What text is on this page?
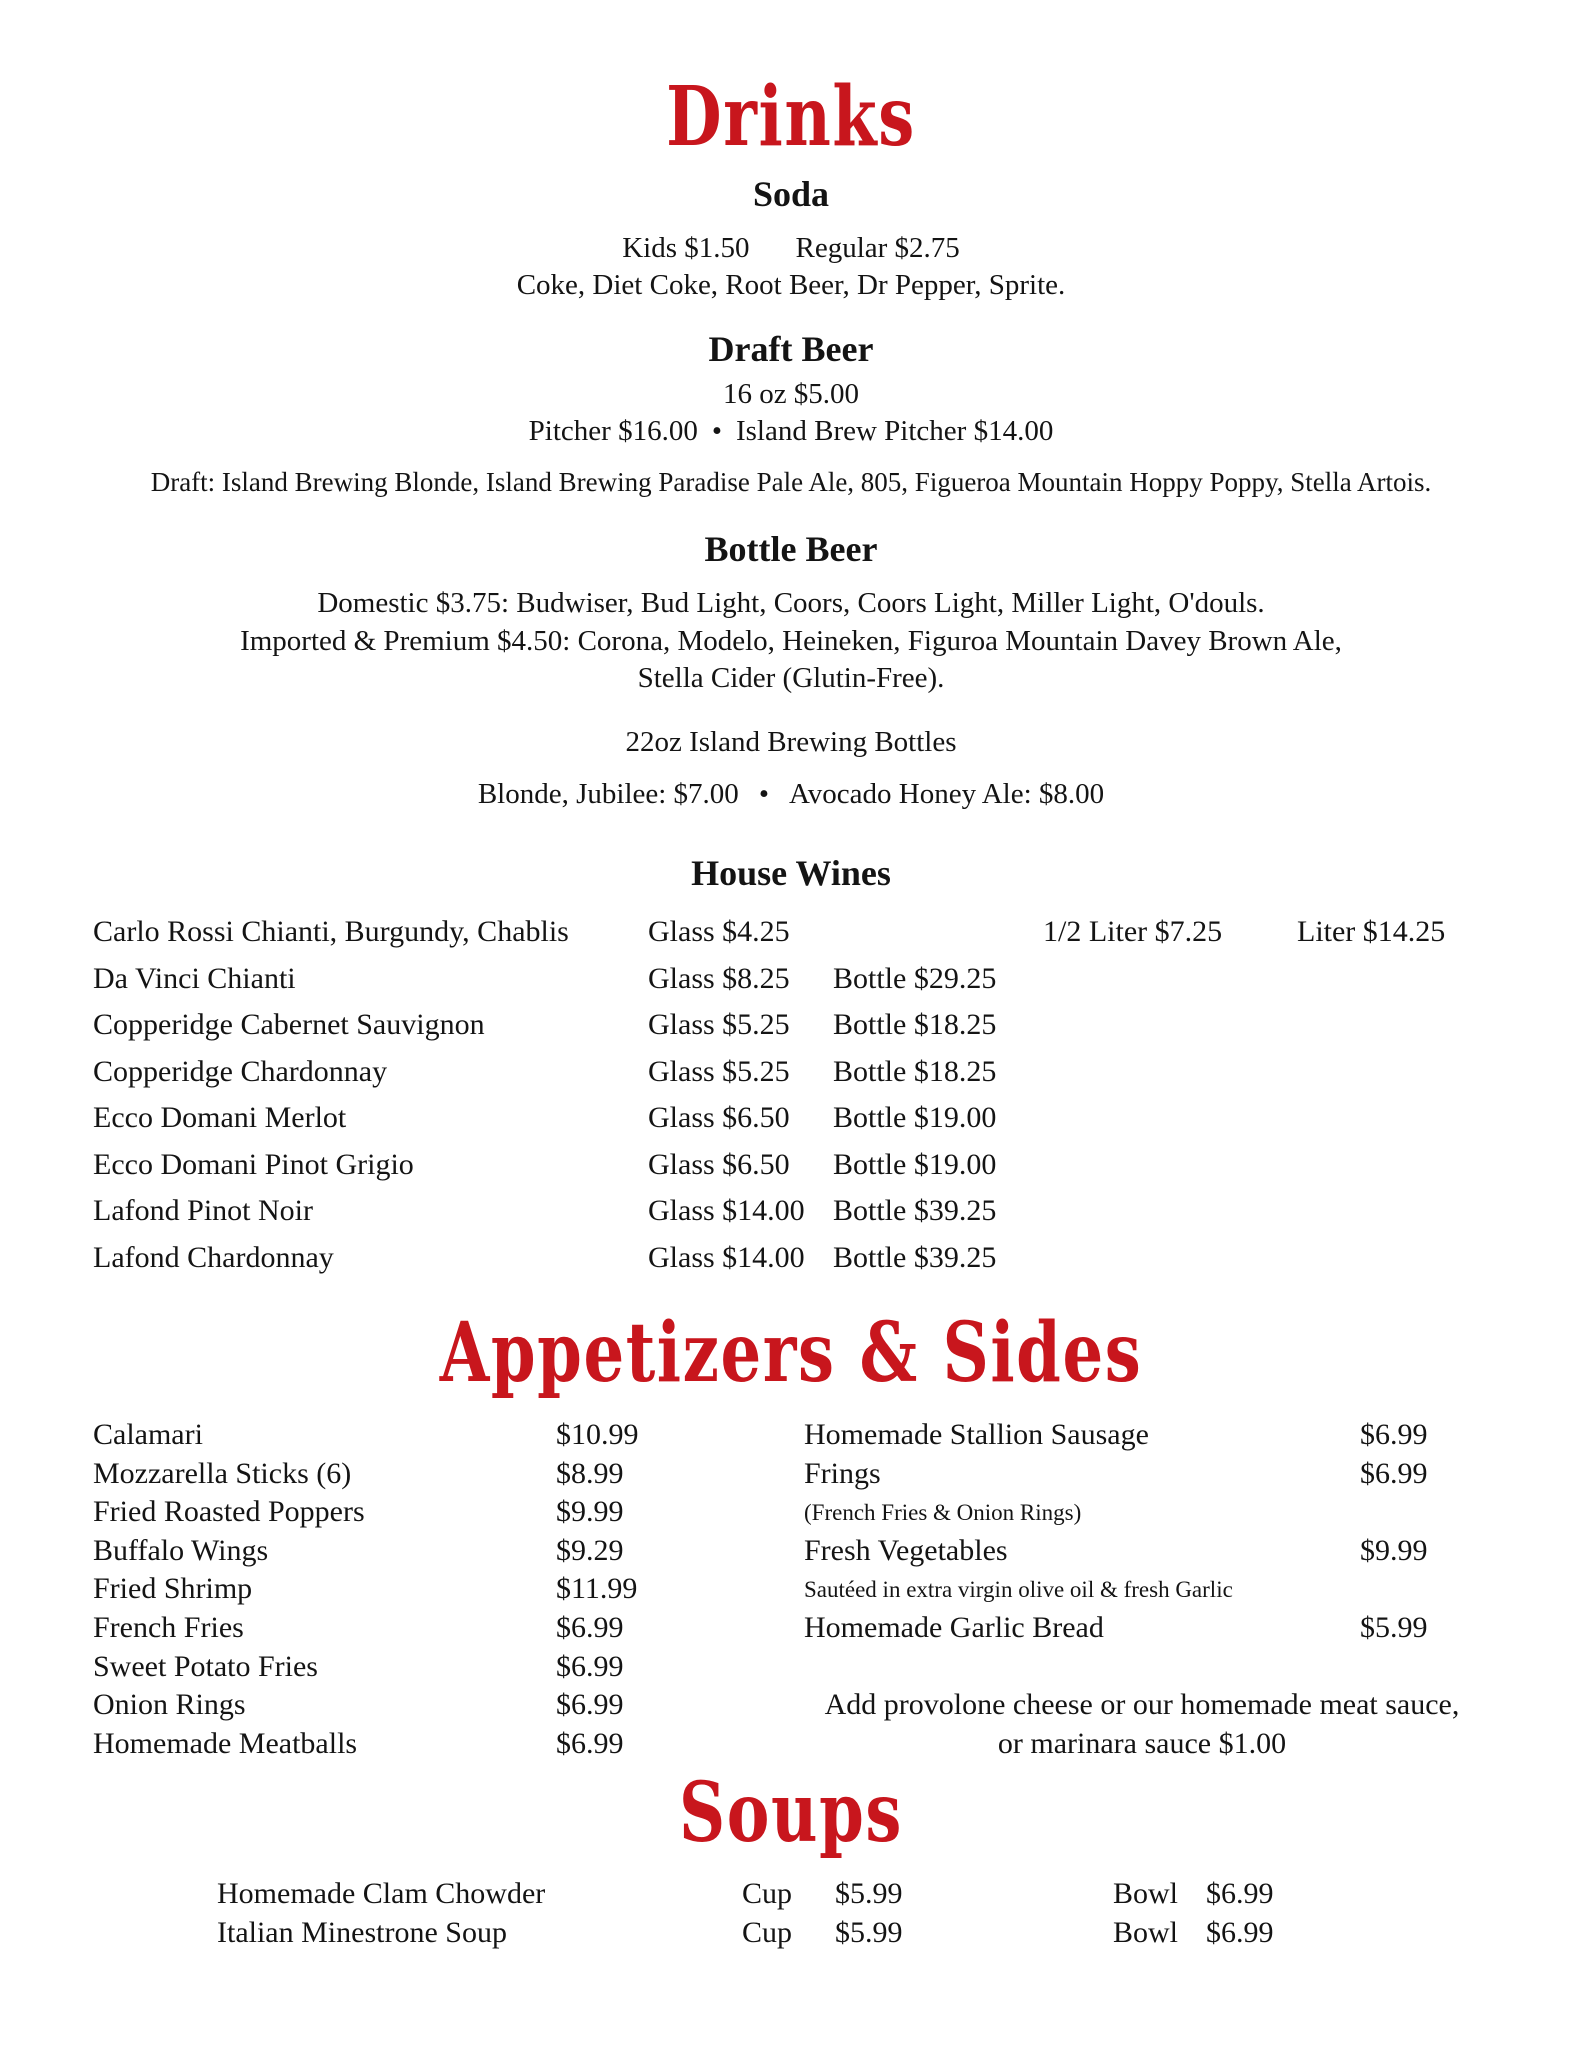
Drinks
Soda
Kids $1.50 Regular $2.75
Coke, Diet Coke, Root Beer, Dr Pepper, Sprite.
Draft Beer
16 oz $5.00
Pitcher $16.00 • Island Brew Pitcher $14.00
Draft: Island Brewing Blonde, Island Brewing Paradise Pale Ale, 805, Figueroa Mountain Hoppy Poppy, Stella Artois.
Bottle Beer
Domestic $3.75: Budwiser, Bud Light, Coors, Coors Light, Miller Light, O'douls.
Imported & Premium $4.50: Corona, Modelo, Heineken, Figuroa Mountain Davey Brown Ale,
Stella Cider (Glutin-Free).
22oz Island Brewing Bottles
Blonde, Jubilee: $7.00 • Avocado Honey Ale: $8.00
House Wines
Carlo Rossi Chianti, Burgundy, Chablis	Glass $4.25	1/2 Liter $7.25 Liter $14.25
Da Vinci Chianti	Glass $8.25 Bottle $29.25
Copperidge Cabernet Sauvignon	Glass $5.25 Bottle $18.25
Copperidge Chardonnay	Glass $5.25 Bottle $18.25
Ecco Domani Merlot	Glass $6.50 Bottle $19.00
Ecco Domani Pinot Grigio	Glass $6.50 Bottle $19.00
Lafond Pinot Noir	Glass $14.00 Bottle $39.25
Lafond Chardonnay	Glass $14.00 Bottle $39.25
Appetizers & Sides
Calamari	$10.99
Mozzarella Sticks (6)	$8.99
Fried Roasted Poppers	$9.99
Buffalo Wings	$9.29
Fried Shrimp	$11.99
French Fries	$6.99
Sweet Potato Fries	$6.99
Onion Rings	$6.99
Homemade Meatballs	$6.99
Homemade Stallion Sausage	$6.99
Frings	$6.99
(French Fries & Onion Rings)
Fresh Vegetables	$9.99
Sautéed in extra virgin olive oil & fresh Garlic
Homemade Garlic Bread	$5.99
Add provolone cheese or our homemade meat sauce,
or marinara sauce $1.00
Soups
Homemade Clam Chowder	Cup $5.99	Bowl $6.99
Italian Minestrone Soup	Cup $5.99	Bowl $6.99
